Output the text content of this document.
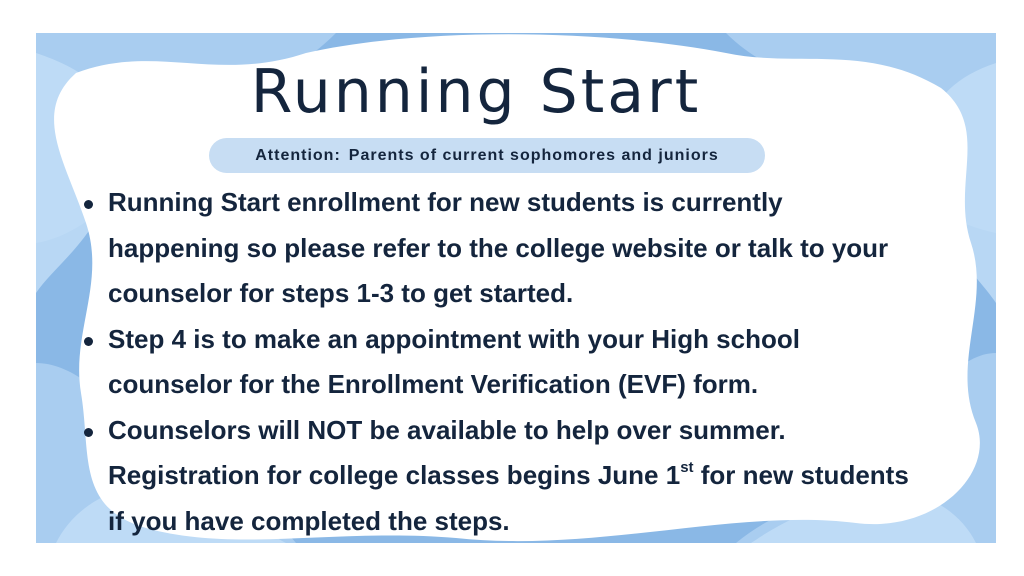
Running Start
Attention: Parents of current sophomores and juniors
Running Start enrollment for new students is currently
happening so please refer to the college website or talk to your
counselor for steps 1-3 to get started.
Step 4 is to make an appointment with your High school
counselor for the Enrollment Verification (EVF) form.
Counselors will NOT be available to help over summer.
Registration for college classes begins June 1st for new students
if you have completed the steps.
